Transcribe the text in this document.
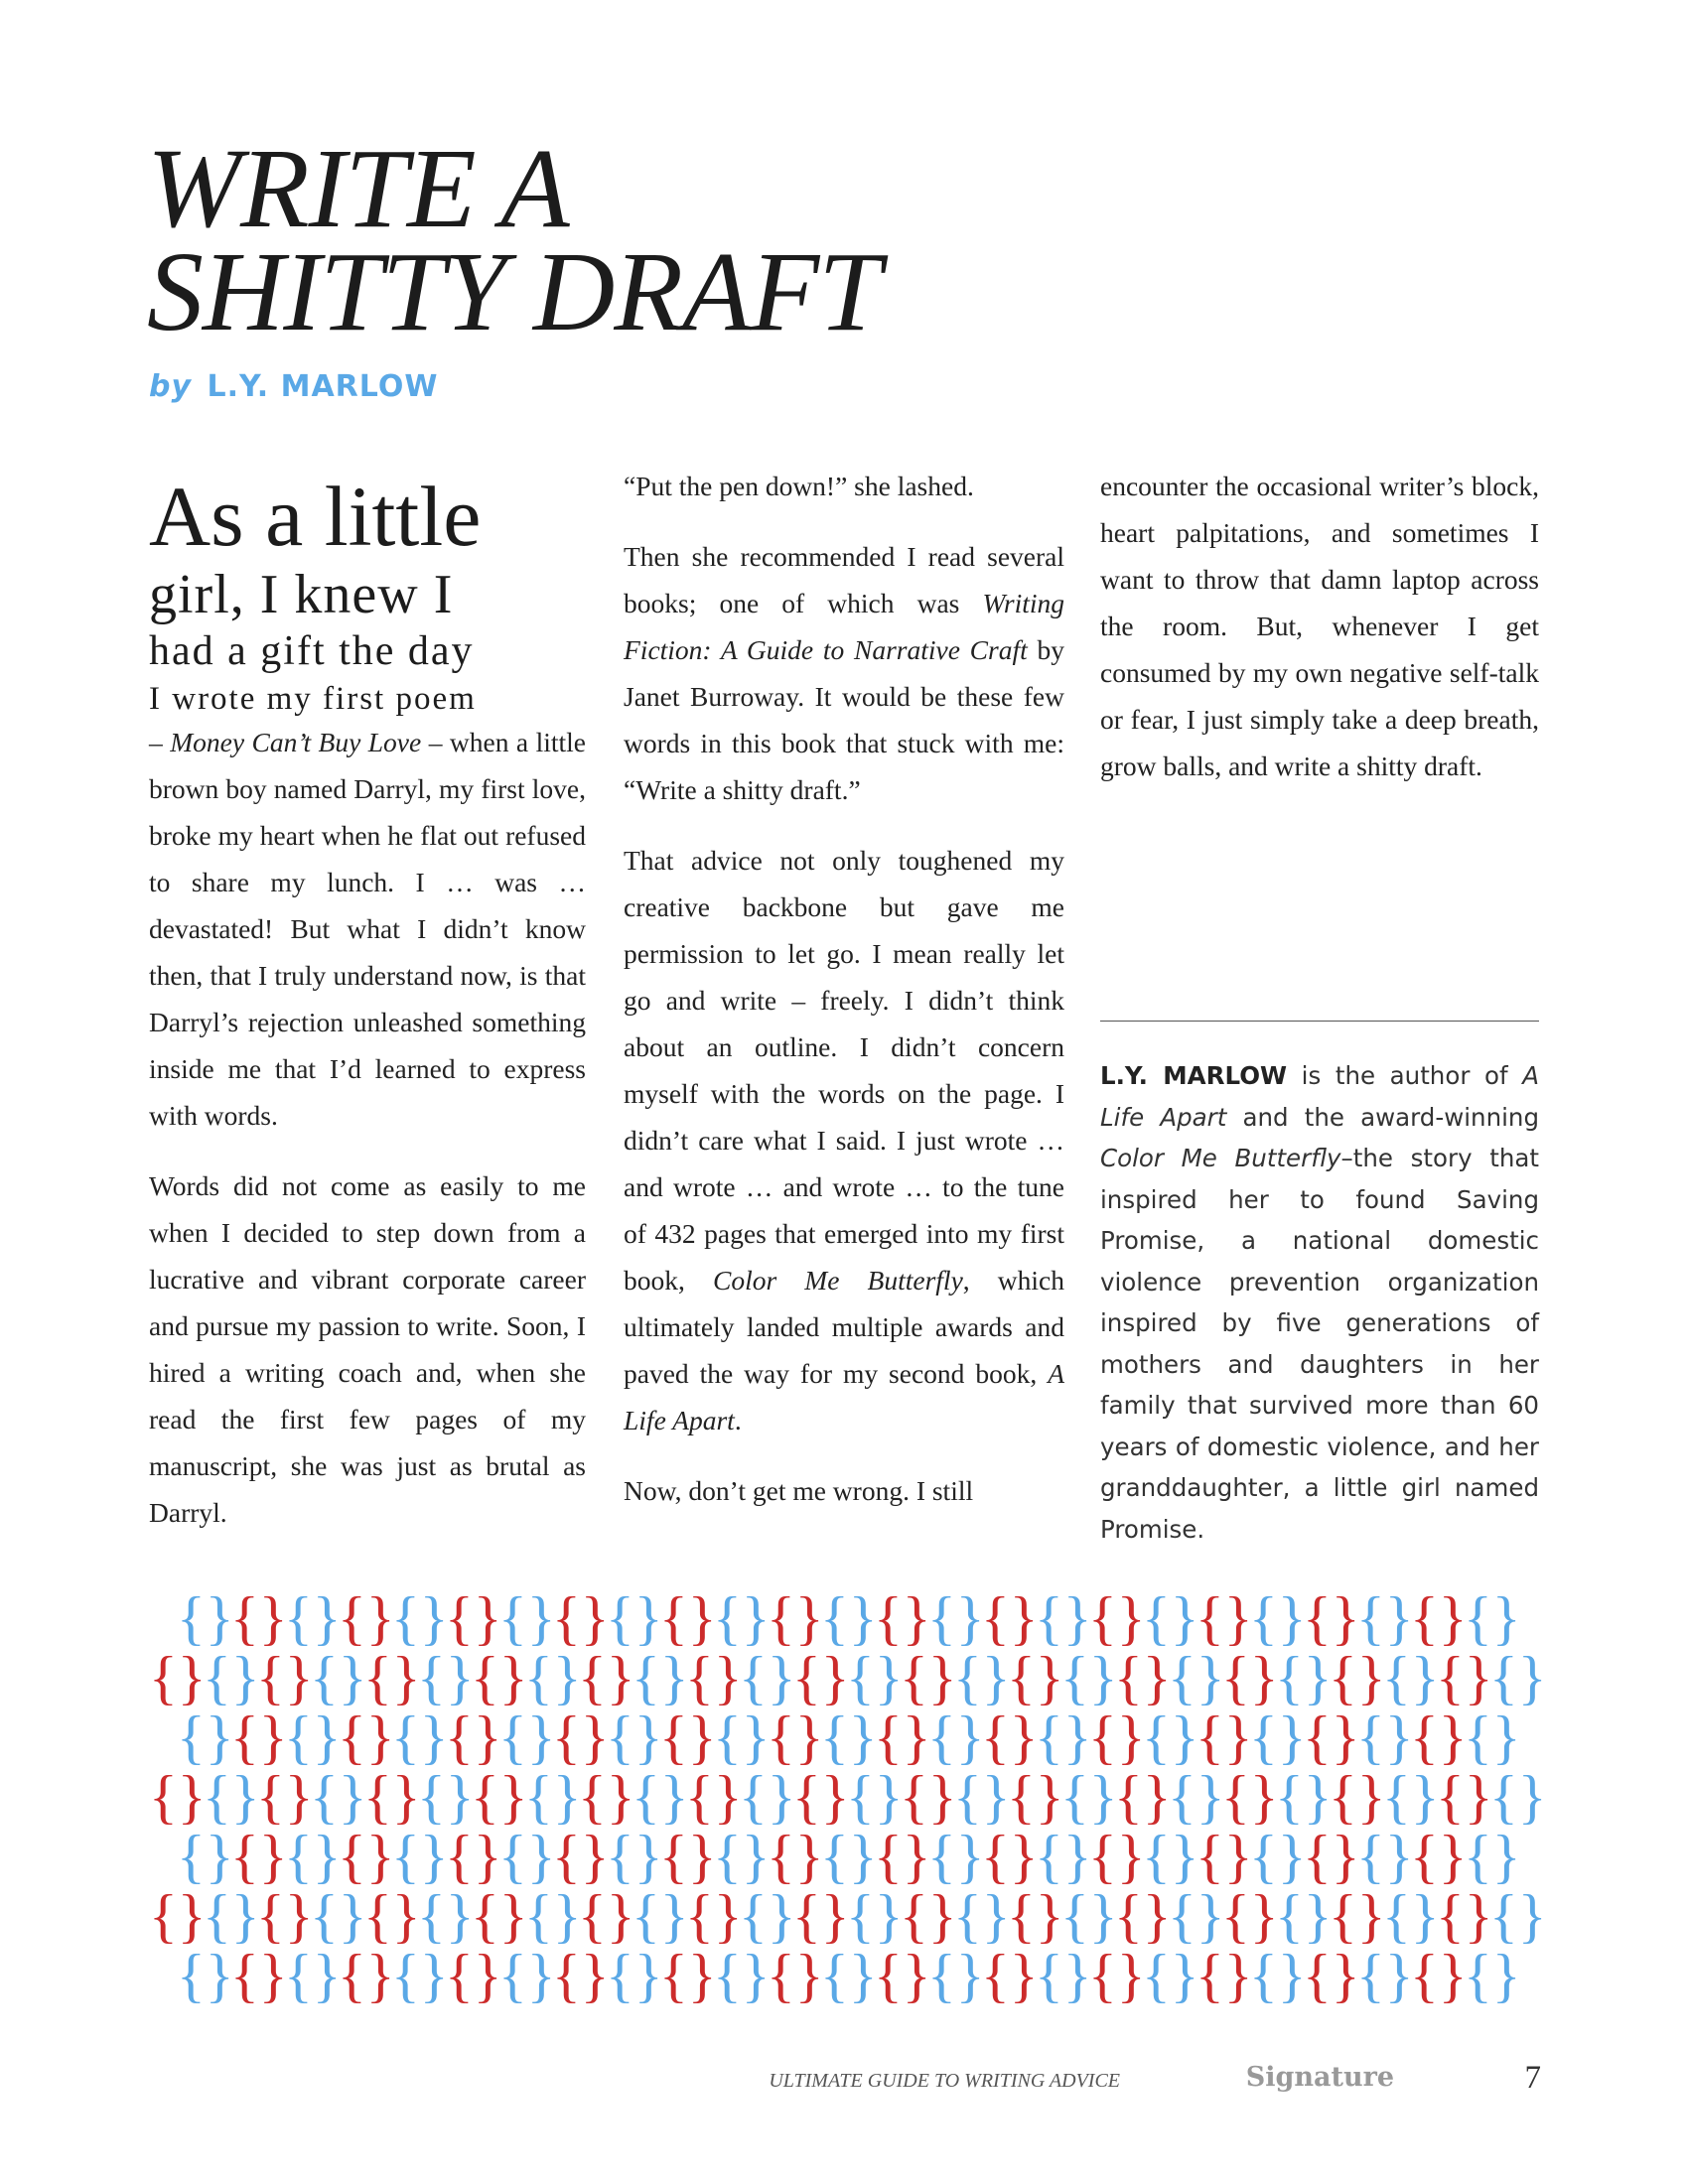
WRITE A
SHITTY DRAFT
by L.Y. MARLOW
As a little
girl, I knew I
had a gift the day
I wrote my first poem

– Money Can’t Buy Love – when a little brown boy named Darryl, my first love, broke my heart when he flat out refused to share my lunch. I … was … devastated! But what I didn’t know then, that I truly understand now, is that Darryl’s rejection unleashed something inside me that I’d learned to express with words.

Words did not come as easily to me when I decided to step down from a lucrative and vibrant corporate career and pursue my passion to write. Soon, I hired a writing coach and, when she read the first few pages of my manuscript, she was just as brutal as Darryl.

“Put the pen down!” she lashed.

Then she recommended I read several books; one of which was Writing Fiction: A Guide to Narrative Craft by Janet Burroway. It would be these few words in this book that stuck with me: “Write a shitty draft.”

That advice not only toughened my creative backbone but gave me permission to let go. I mean really let go and write – freely. I didn’t think about an outline. I didn’t concern myself with the words on the page. I didn’t care what I said. I just wrote … and wrote … and wrote … to the tune of 432 pages that emerged into my first book, Color Me Butterfly, which ultimately landed multiple awards and paved the way for my second book, A Life Apart.

Now, don’t get me wrong. I still

encounter the occasional writer’s block, heart palpitations, and sometimes I want to throw that damn laptop across the room. But, whenever I get consumed by my own negative self-talk or fear, I just simply take a deep breath, grow balls, and write a shitty draft.

L.Y. MARLOW is the author of A Life Apart and the award-winning Color Me Butterfly–the story that inspired her to found Saving Promise, a national domestic violence prevention organization inspired by five generations of mothers and daughters in her family that survived more than 60 years of domestic violence, and her granddaughter, a little girl named Promise.
{}
{}
{}
{}
{}
{}
{}
{}
{}
{}
{}
{}
{}
{}
{}
{}
{}
{}
{}
{}
{}
{}
{}
{}
{}
{}
{}
{}
{}
{}
{}
{}
{}
{}
{}
{}
{}
{}
{}
{}
{}
{}
{}
{}
{}
{}
{}
{}
{}
{}
{}
{}
{}
{}
{}
{}
{}
{}
{}
{}
{}
{}
{}
{}
{}
{}
{}
{}
{}
{}
{}
{}
{}
{}
{}
{}
{}
{}
{}
{}
{}
{}
{}
{}
{}
{}
{}
{}
{}
{}
{}
{}
{}
{}
{}
{}
{}
{}
{}
{}
{}
{}
{}
{}
{}
{}
{}
{}
{}
{}
{}
{}
{}
{}
{}
{}
{}
{}
{}
{}
{}
{}
{}
{}
{}
{}
{}
{}
{}
{}
{}
{}
{}
{}
{}
{}
{}
{}
{}
{}
{}
{}
{}
{}
{}
{}
{}
{}
{}
{}
{}
{}
{}
{}
{}
{}
{}
{}
{}
{}
{}
{}
{}
{}
{}
{}
{}
{}
{}
{}
{}
{}
{}
{}
{}
{}
{}
{}
ULTIMATE GUIDE TO WRITING ADVICE	Signature	7
